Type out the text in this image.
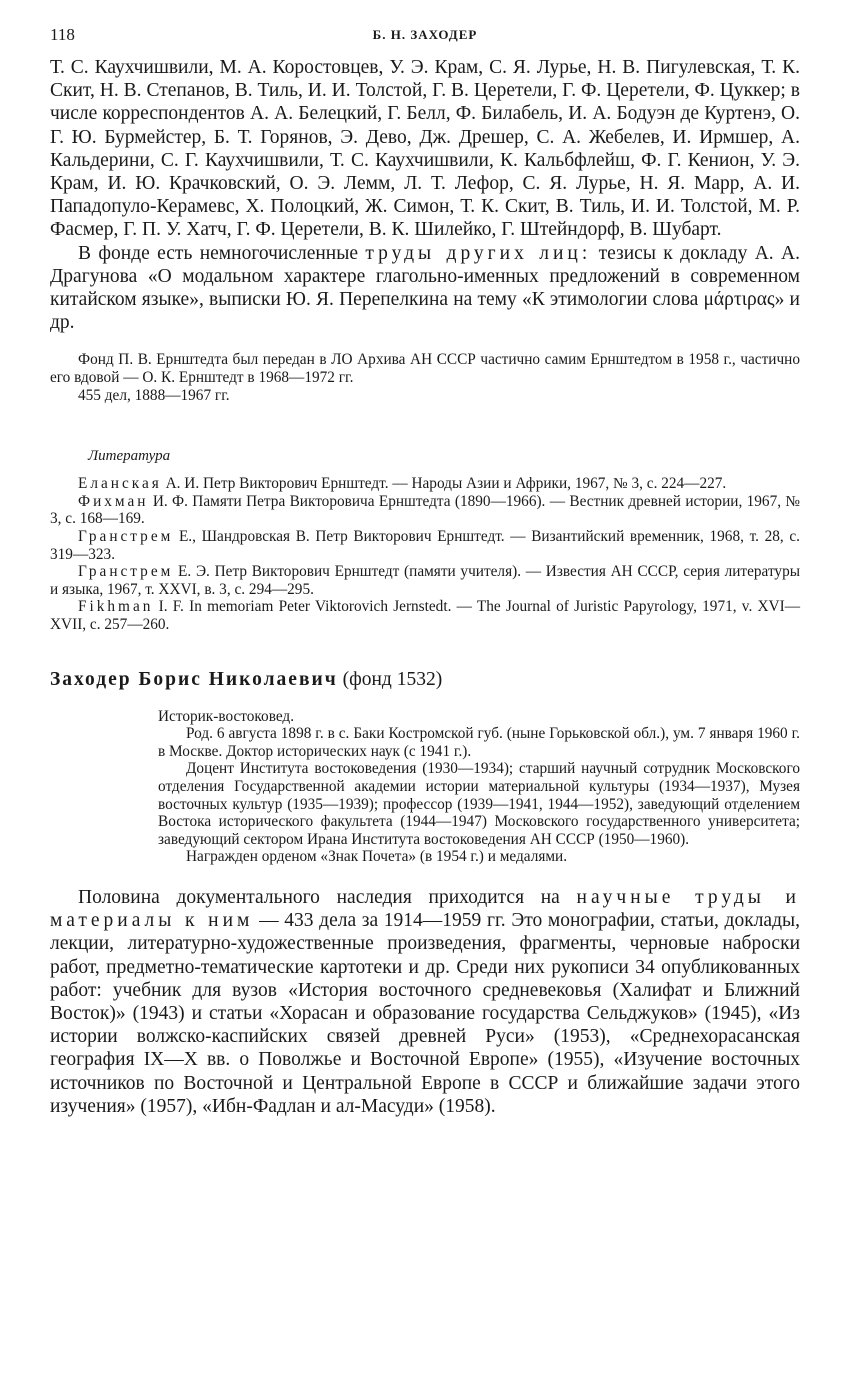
118	Б. Н. ЗАХОДЕР

Т. С. Каухчишвили, М. А. Коростовцев, У. Э. Крам, С. Я. Лурье, Н. В. Пигулевская, Т. К. Скит, Н. В. Степанов, В. Тиль, И. И. Толстой, Г. В. Церетели, Г. Ф. Церетели, Ф. Цуккер; в числе корреспондентов А. А. Белецкий, Г. Белл, Ф. Билабель, И. А. Бодуэн де Куртенэ, О. Г. Ю. Бурмейстер, Б. Т. Горянов, Э. Дево, Дж. Дрешер, С. А. Жебелев, И. Ирмшер, А. Кальдерини, С. Г. Каухчишвили, Т. С. Каухчишвили, К. Кальбфлейш, Ф. Г. Кенион, У. Э. Крам, И. Ю. Крачковский, О. Э. Лемм, Л. Т. Лефор, С. Я. Лурье, Н. Я. Марр, А. И. Пападопуло-Керамевс, Х. Полоцкий, Ж. Симон, Т. К. Скит, В. Тиль, И. И. Толстой, М. Р. Фасмер, Г. П. У. Хатч, Г. Ф. Церетели, В. К. Шилейко, Г. Штейндорф, В. Шубарт.

В фонде есть немногочисленные труды других лиц: тезисы к докладу А. А. Драгунова «О модальном характере глагольно-именных предложений в современном китайском языке», выписки Ю. Я. Перепелкина на тему «К этимологии слова μάρτιρας» и др.

Фонд П. В. Ернштедта был передан в ЛО Архива АН СССР частично самим Ернштедтом в 1958 г., частично его вдовой — О. К. Ернштедт в 1968—1972 гг.

455 дел, 1888—1967 гг.

Литература

Еланская А. И. Петр Викторович Ернштедт. — Народы Азии и Африки, 1967, № 3, с. 224—227.

Фихман И. Ф. Памяти Петра Викторовича Ернштедта (1890—1966). — Вестник древней истории, 1967, № 3, с. 168—169.

Гранстрем Е., Шандровская В. Петр Викторович Ернштедт. — Византийский временник, 1968, т. 28, с. 319—323.

Гранстрем Е. Э. Петр Викторович Ернштедт (памяти учителя). — Известия АН СССР, серия литературы и языка, 1967, т. XXVI, в. 3, с. 294—295.

Fikhman I. F. In memoriam Peter Viktorovich Jernstedt. — The Journal of Juristic Papyrology, 1971, v. XVI—XVII, с. 257—260.

Заходер Борис Николаевич (фонд 1532)

Историк-востоковед.

Род. 6 августа 1898 г. в с. Баки Костромской губ. (ныне Горьковской обл.), ум. 7 января 1960 г. в Москве. Доктор исторических наук (с 1941 г.).

Доцент Института востоковедения (1930—1934); старший научный сотрудник Московского отделения Государственной академии истории материальной культуры (1934—1937), Музея восточных культур (1935—1939); профессор (1939—1941, 1944—1952), заведующий отделением Востока исторического факультета (1944—1947) Московского государственного университета; заведующий сектором Ирана Института востоковедения АН СССР (1950—1960).

Награжден орденом «Знак Почета» (в 1954 г.) и медалями.

Половина документального наследия приходится на научные труды и материалы к ним — 433 дела за 1914—1959 гг. Это монографии, статьи, доклады, лекции, литературно-художественные произведения, фрагменты, черновые наброски работ, предметно-тематические картотеки и др. Среди них рукописи 34 опубликованных работ: учебник для вузов «История восточного средневековья (Халифат и Ближний Восток)» (1943) и статьи «Хорасан и образование государства Сельджуков» (1945), «Из истории волжско-каспийских связей древней Руси» (1953), «Среднехорасанская география IX—X вв. о Поволжье и Восточной Европе» (1955), «Изучение восточных источников по Восточной и Центральной Европе в СССР и ближайшие задачи этого изучения» (1957), «Ибн-Фадлан и ал-Масуди» (1958).
